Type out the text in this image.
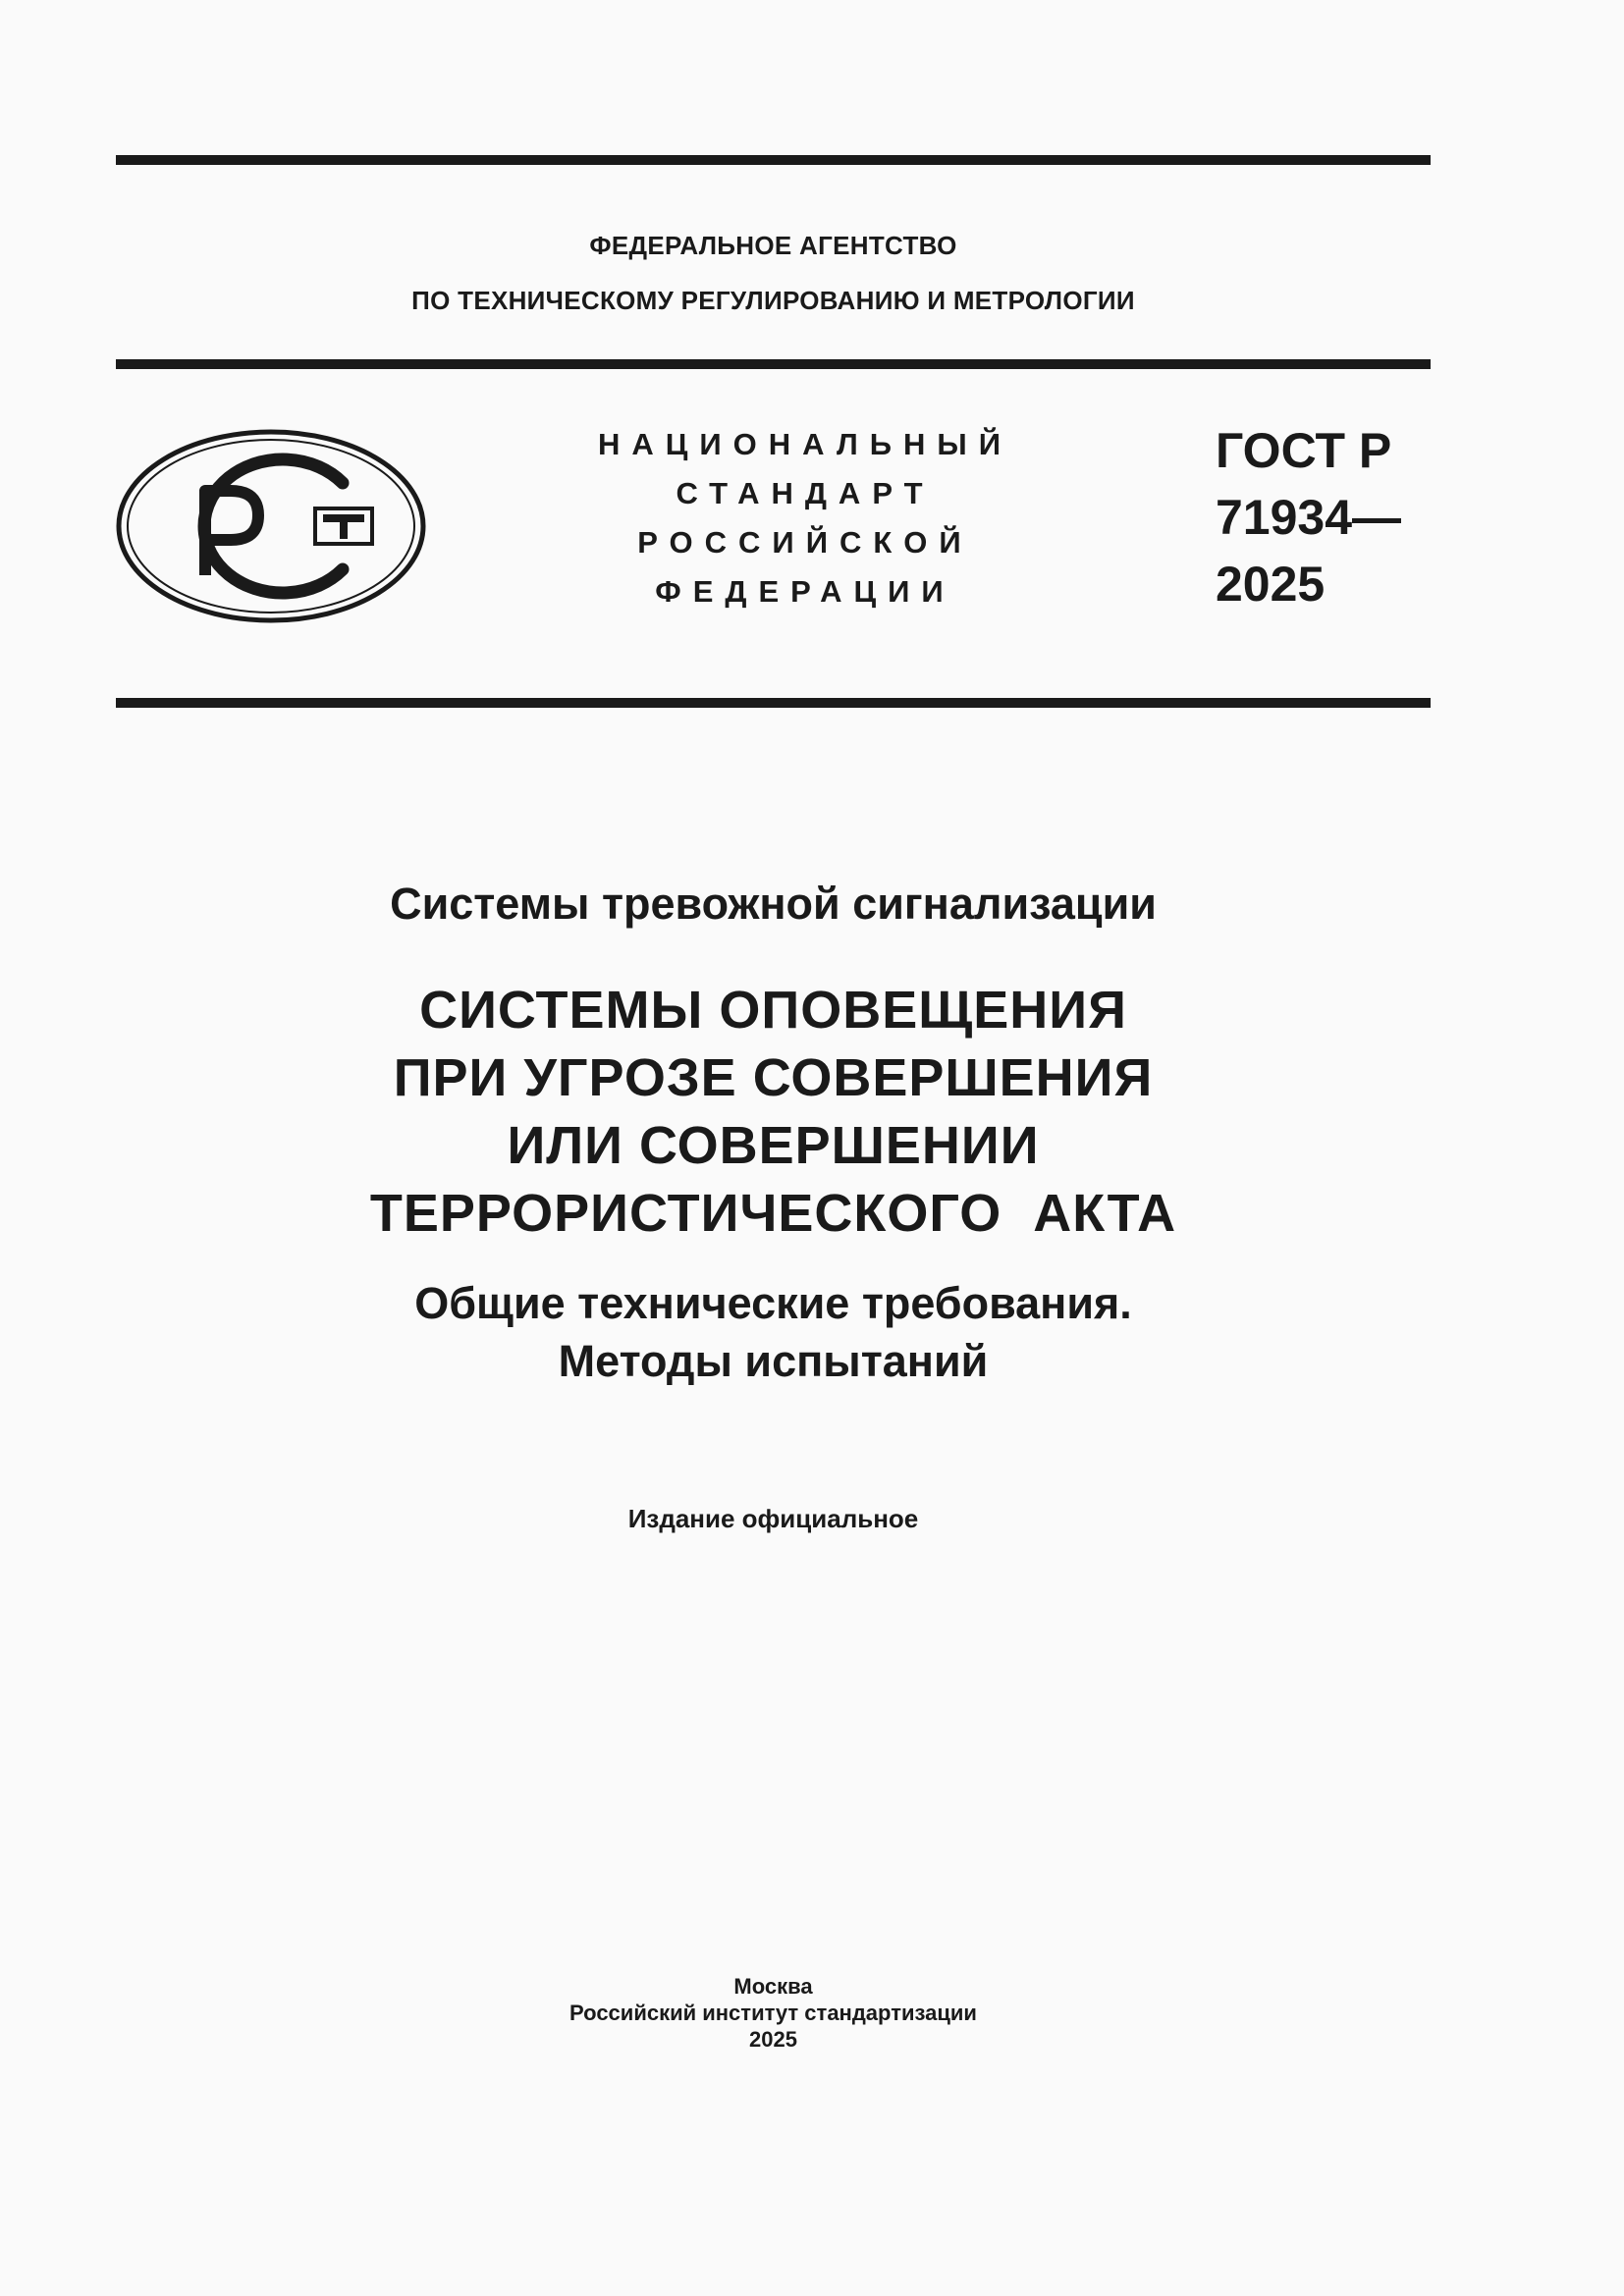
ФЕДЕРАЛЬНОЕ АГЕНТСТВО
ПО ТЕХНИЧЕСКОМУ РЕГУЛИРОВАНИЮ И МЕТРОЛОГИИ
НАЦИОНАЛЬНЫЙ
СТАНДАРТ
РОССИЙСКОЙ
ФЕДЕРАЦИИ
ГОСТ Р
71934—
2025
Системы тревожной сигнализации
СИСТЕМЫ ОПОВЕЩЕНИЯ
ПРИ УГРОЗЕ СОВЕРШЕНИЯ
ИЛИ СОВЕРШЕНИИ
ТЕРРОРИСТИЧЕСКОГО  АКТА
Общие технические требования.
Методы испытаний
Издание официальное
Москва
Российский институт стандартизации
2025
